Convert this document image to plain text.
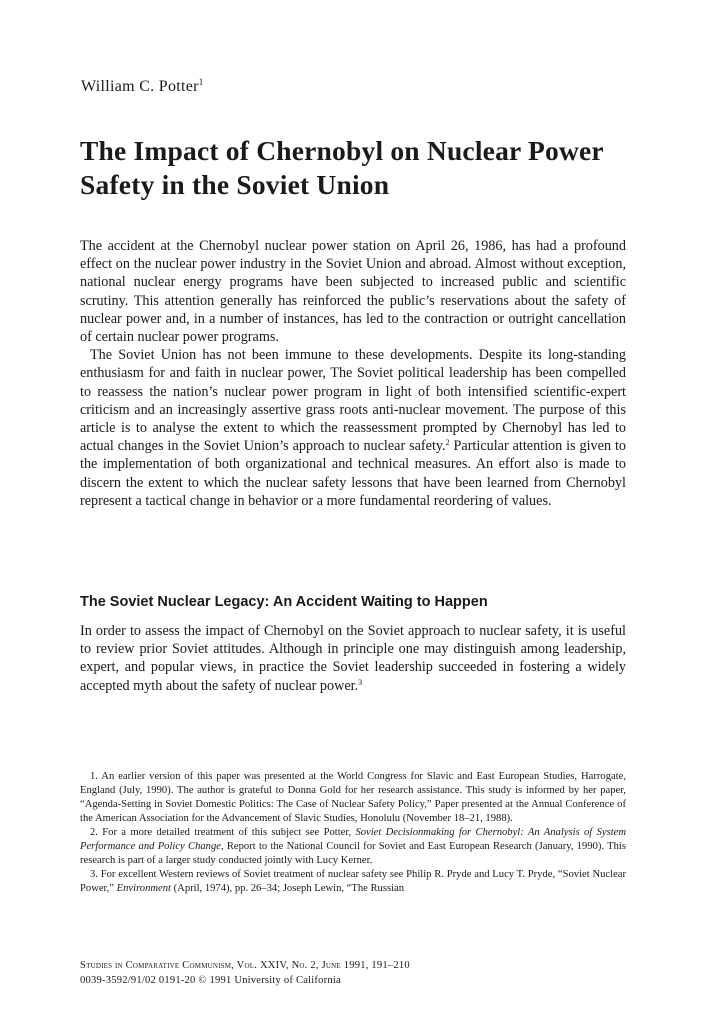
William C. Potter$^1$
The Impact of Chernobyl on Nuclear Power Safety in the Soviet Union

The accident at the Chernobyl nuclear power station on April 26, 1986, has had a profound effect on the nuclear power industry in the Soviet Union and abroad. Almost without exception, national nuclear energy programs have been subjected to increased public and scientific scrutiny. This attention generally has reinforced the public’s reservations about the safety of nuclear power and, in a number of instances, has led to the contraction or outright cancellation of certain nuclear power programs.

The Soviet Union has not been immune to these developments. Despite its long-standing enthusiasm for and faith in nuclear power, The Soviet political leadership has been compelled to reassess the nation’s nuclear power program in light of both intensified scientific-expert criticism and an increasingly assertive grass roots anti-nuclear movement. The purpose of this article is to analyse the extent to which the reassessment prompted by Chernobyl has led to actual changes in the Soviet Union’s approach to nuclear safety.$^2$ Particular attention is given to the implementation of both organizational and technical measures. An effort also is made to discern the extent to which the nuclear safety lessons that have been learned from Chernobyl represent a tactical change in behavior or a more fundamental reordering of values.

The Soviet Nuclear Legacy: An Accident Waiting to Happen

In order to assess the impact of Chernobyl on the Soviet approach to nuclear safety, it is useful to review prior Soviet attitudes. Although in principle one may distinguish among leadership, expert, and popular views, in practice the Soviet leadership succeeded in fostering a widely accepted myth about the safety of nuclear power.$^3$

1. An earlier version of this paper was presented at the World Congress for Slavic and East European Studies, Harrogate, England (July, 1990). The author is grateful to Donna Gold for her research assistance. This study is informed by her paper, “Agenda-Setting in Soviet Domestic Politics: The Case of Nuclear Safety Policy,” Paper presented at the Annual Conference of the American Association for the Advancement of Slavic Studies, Honolulu (November 18–21, 1988).

2. For a more detailed treatment of this subject see Potter, Soviet Decisionmaking for Chernobyl: An Analysis of System Performance and Policy Change, Report to the National Council for Soviet and East European Research (January, 1990). This research is part of a larger study conducted jointly with Lucy Kerner.

3. For excellent Western reviews of Soviet treatment of nuclear safety see Philip R. Pryde and Lucy T. Pryde, “Soviet Nuclear Power,” Environment (April, 1974), pp. 26–34; Joseph Lewin, “The Russian

Studies in Comparative Communism, Vol. XXIV, No. 2, June 1991, 191–210
0039-3592/91/02 0191-20 © 1991 University of California
